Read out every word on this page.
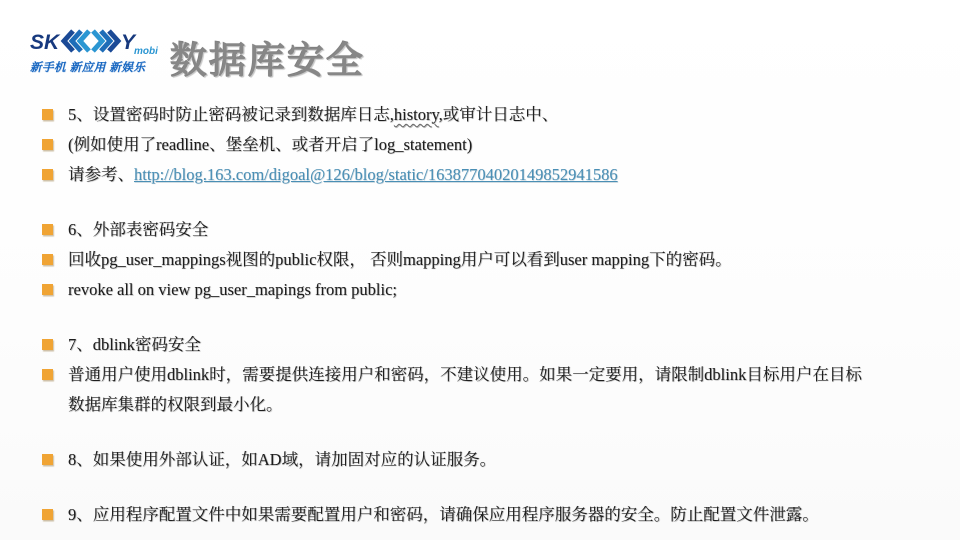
SK	Y
mobi
新手机 新应用 新娱乐 数据库安全
5、设置密码时防止密码被记录到数据库日志,history,或审计日志中、
(例如使用了readline、堡垒机、或者开启了log_statement)
请参考、http://blog.163.com/digoal@126/blog/static/16387704020149852941586
6、外部表密码安全
回收pg_user_mappings视图的public权限， 否则mapping用户可以看到user mapping下的密码。
revoke all on view pg_user_mapings from public;
7、dblink密码安全
普通用户使用dblink时，需要提供连接用户和密码，不建议使用。如果一定要用，请限制dblink目标用户在目标
数据库集群的权限到最小化。
8、如果使用外部认证，如AD域，请加固对应的认证服务。
9、应用程序配置文件中如果需要配置用户和密码，请确保应用程序服务器的安全。防止配置文件泄露。
